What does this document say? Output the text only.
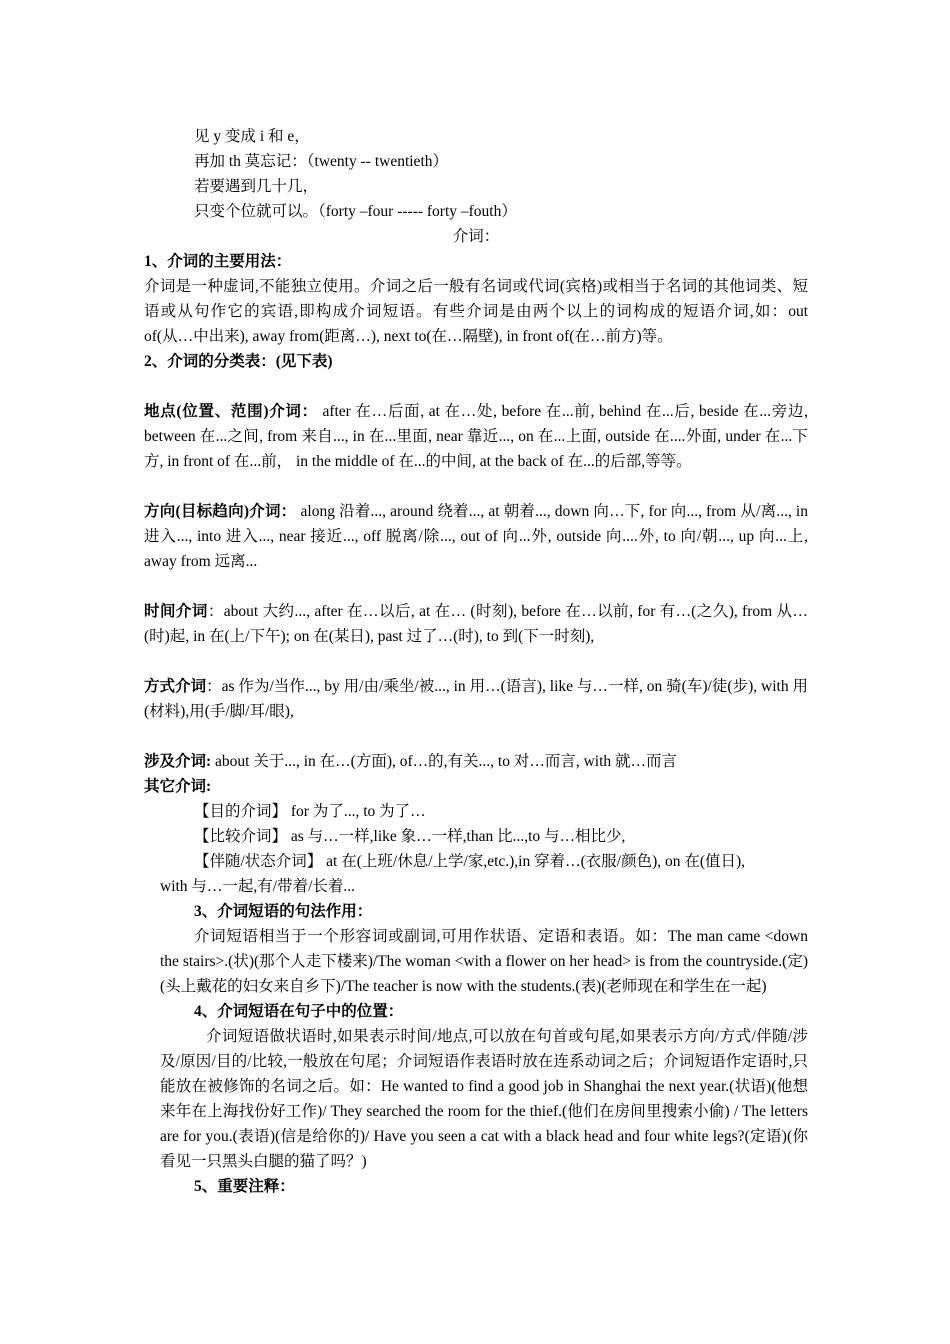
见 y 变成 i 和 e，
再加 th 莫忘记：（twenty -- twentieth）
若要遇到几十几，
只变个位就可以。（forty –four ----- forty –fouth）
介词：
1、介词的主要用法：
介词是一种虚词,不能独立使用。介词之后一般有名词或代词(宾格)或相当于名词的其他词类、短语或从句作它的宾语,即构成介词短语。有些介词是由两个以上的词构成的短语介词,如：out of(从…中出来), away from(距离…), next to(在…隔壁), in front of(在…前方)等。
2、介词的分类表：(见下表)
地点(位置、范围)介词： after 在…后面, at 在…处, before 在...前, behind 在...后, beside 在...旁边, between 在...之间, from 来自..., in 在...里面, near 靠近..., on 在...上面, outside 在....外面, under 在...下方, in front of 在...前， in the middle of 在...的中间, at the back of 在...的后部,等等。
方向(目标趋向)介词： along 沿着..., around 绕着..., at 朝着..., down 向…下, for 向..., from 从/离..., in 进入..., into 进入..., near 接近..., off 脱离/除..., out of 向...外, outside 向....外, to 向/朝..., up 向...上, away from 远离...
时间介词：about 大约..., after 在…以后, at 在… (时刻), before 在…以前, for 有…(之久), from 从…(时)起, in 在(上/下午); on 在(某日), past 过了…(时), to 到(下一时刻),
方式介词：as 作为/当作..., by 用/由/乘坐/被..., in 用…(语言), like 与…一样, on 骑(车)/徒(步), with 用(材料),用(手/脚/耳/眼),
涉及介词: about 关于..., in 在…(方面), of…的,有关..., to 对…而言, with 就…而言
其它介词:
【目的介词】 for 为了..., to 为了…
【比较介词】 as 与…一样,like 象…一样,than 比...,to 与…相比少,
【伴随/状态介词】 at 在(上班/休息/上学/家,etc.),in 穿着…(衣服/颜色), on 在(值日),
with 与…一起,有/带着/长着...
3、介词短语的句法作用：
介词短语相当于一个形容词或副词,可用作状语、定语和表语。如：The man came <down the stairs>.(状)(那个人走下楼来)/The woman <with a flower on her head> is from the countryside.(定)(头上戴花的妇女来自乡下)/The teacher is now with the students.(表)(老师现在和学生在一起)
4、介词短语在句子中的位置：
介词短语做状语时,如果表示时间/地点,可以放在句首或句尾,如果表示方向/方式/伴随/涉及/原因/目的/比较,一般放在句尾；介词短语作表语时放在连系动词之后；介词短语作定语时,只能放在被修饰的名词之后。如：He wanted to find a good job in Shanghai the next year.(状语)(他想来年在上海找份好工作)/ They searched the room for the thief.(他们在房间里搜索小偷) / The letters are for you.(表语)(信是给你的)/ Have you seen a cat with a black head and four white legs?(定语)(你看见一只黑头白腿的猫了吗？)
5、重要注释：
